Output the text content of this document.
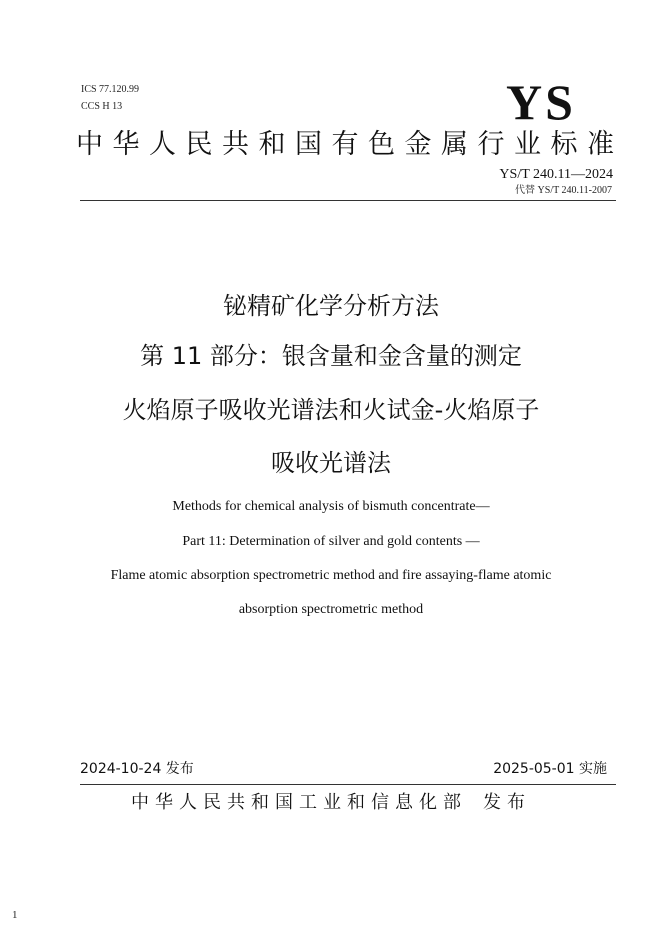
ICS 77.120.99
CCS H 13	YS
中华人民共和国有色金属行业标准
YS/T 240.11—2024
代替 YS/T 240.11-2007
铋精矿化学分析方法
第 11 部分：银含量和金含量的测定
火焰原子吸收光谱法和火试金-火焰原子
吸收光谱法
Methods for chemical analysis of bismuth concentrate—
Part 11: Determination of silver and gold contents —
Flame atomic absorption spectrometric method and fire assaying-flame atomic
absorption spectrometric method
2024-10-24 发布	2025-05-01 实施
中华人民共和国工业和信息化部 发布
1
